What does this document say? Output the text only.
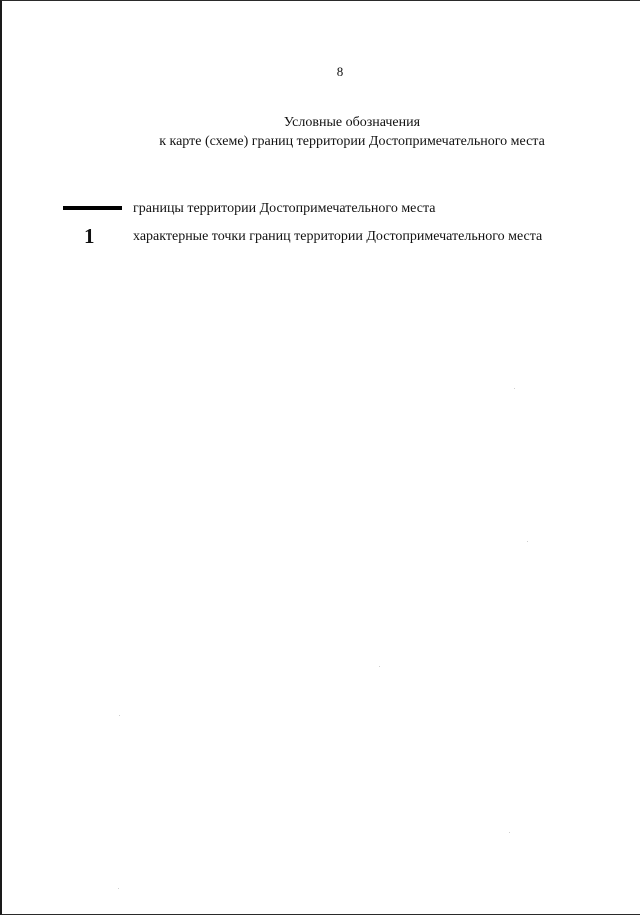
8
Условные обозначения
к карте (схеме) границ территории Достопримечательного места
границы территории Достопримечательного места
1	характерные точки границ территории Достопримечательного места
